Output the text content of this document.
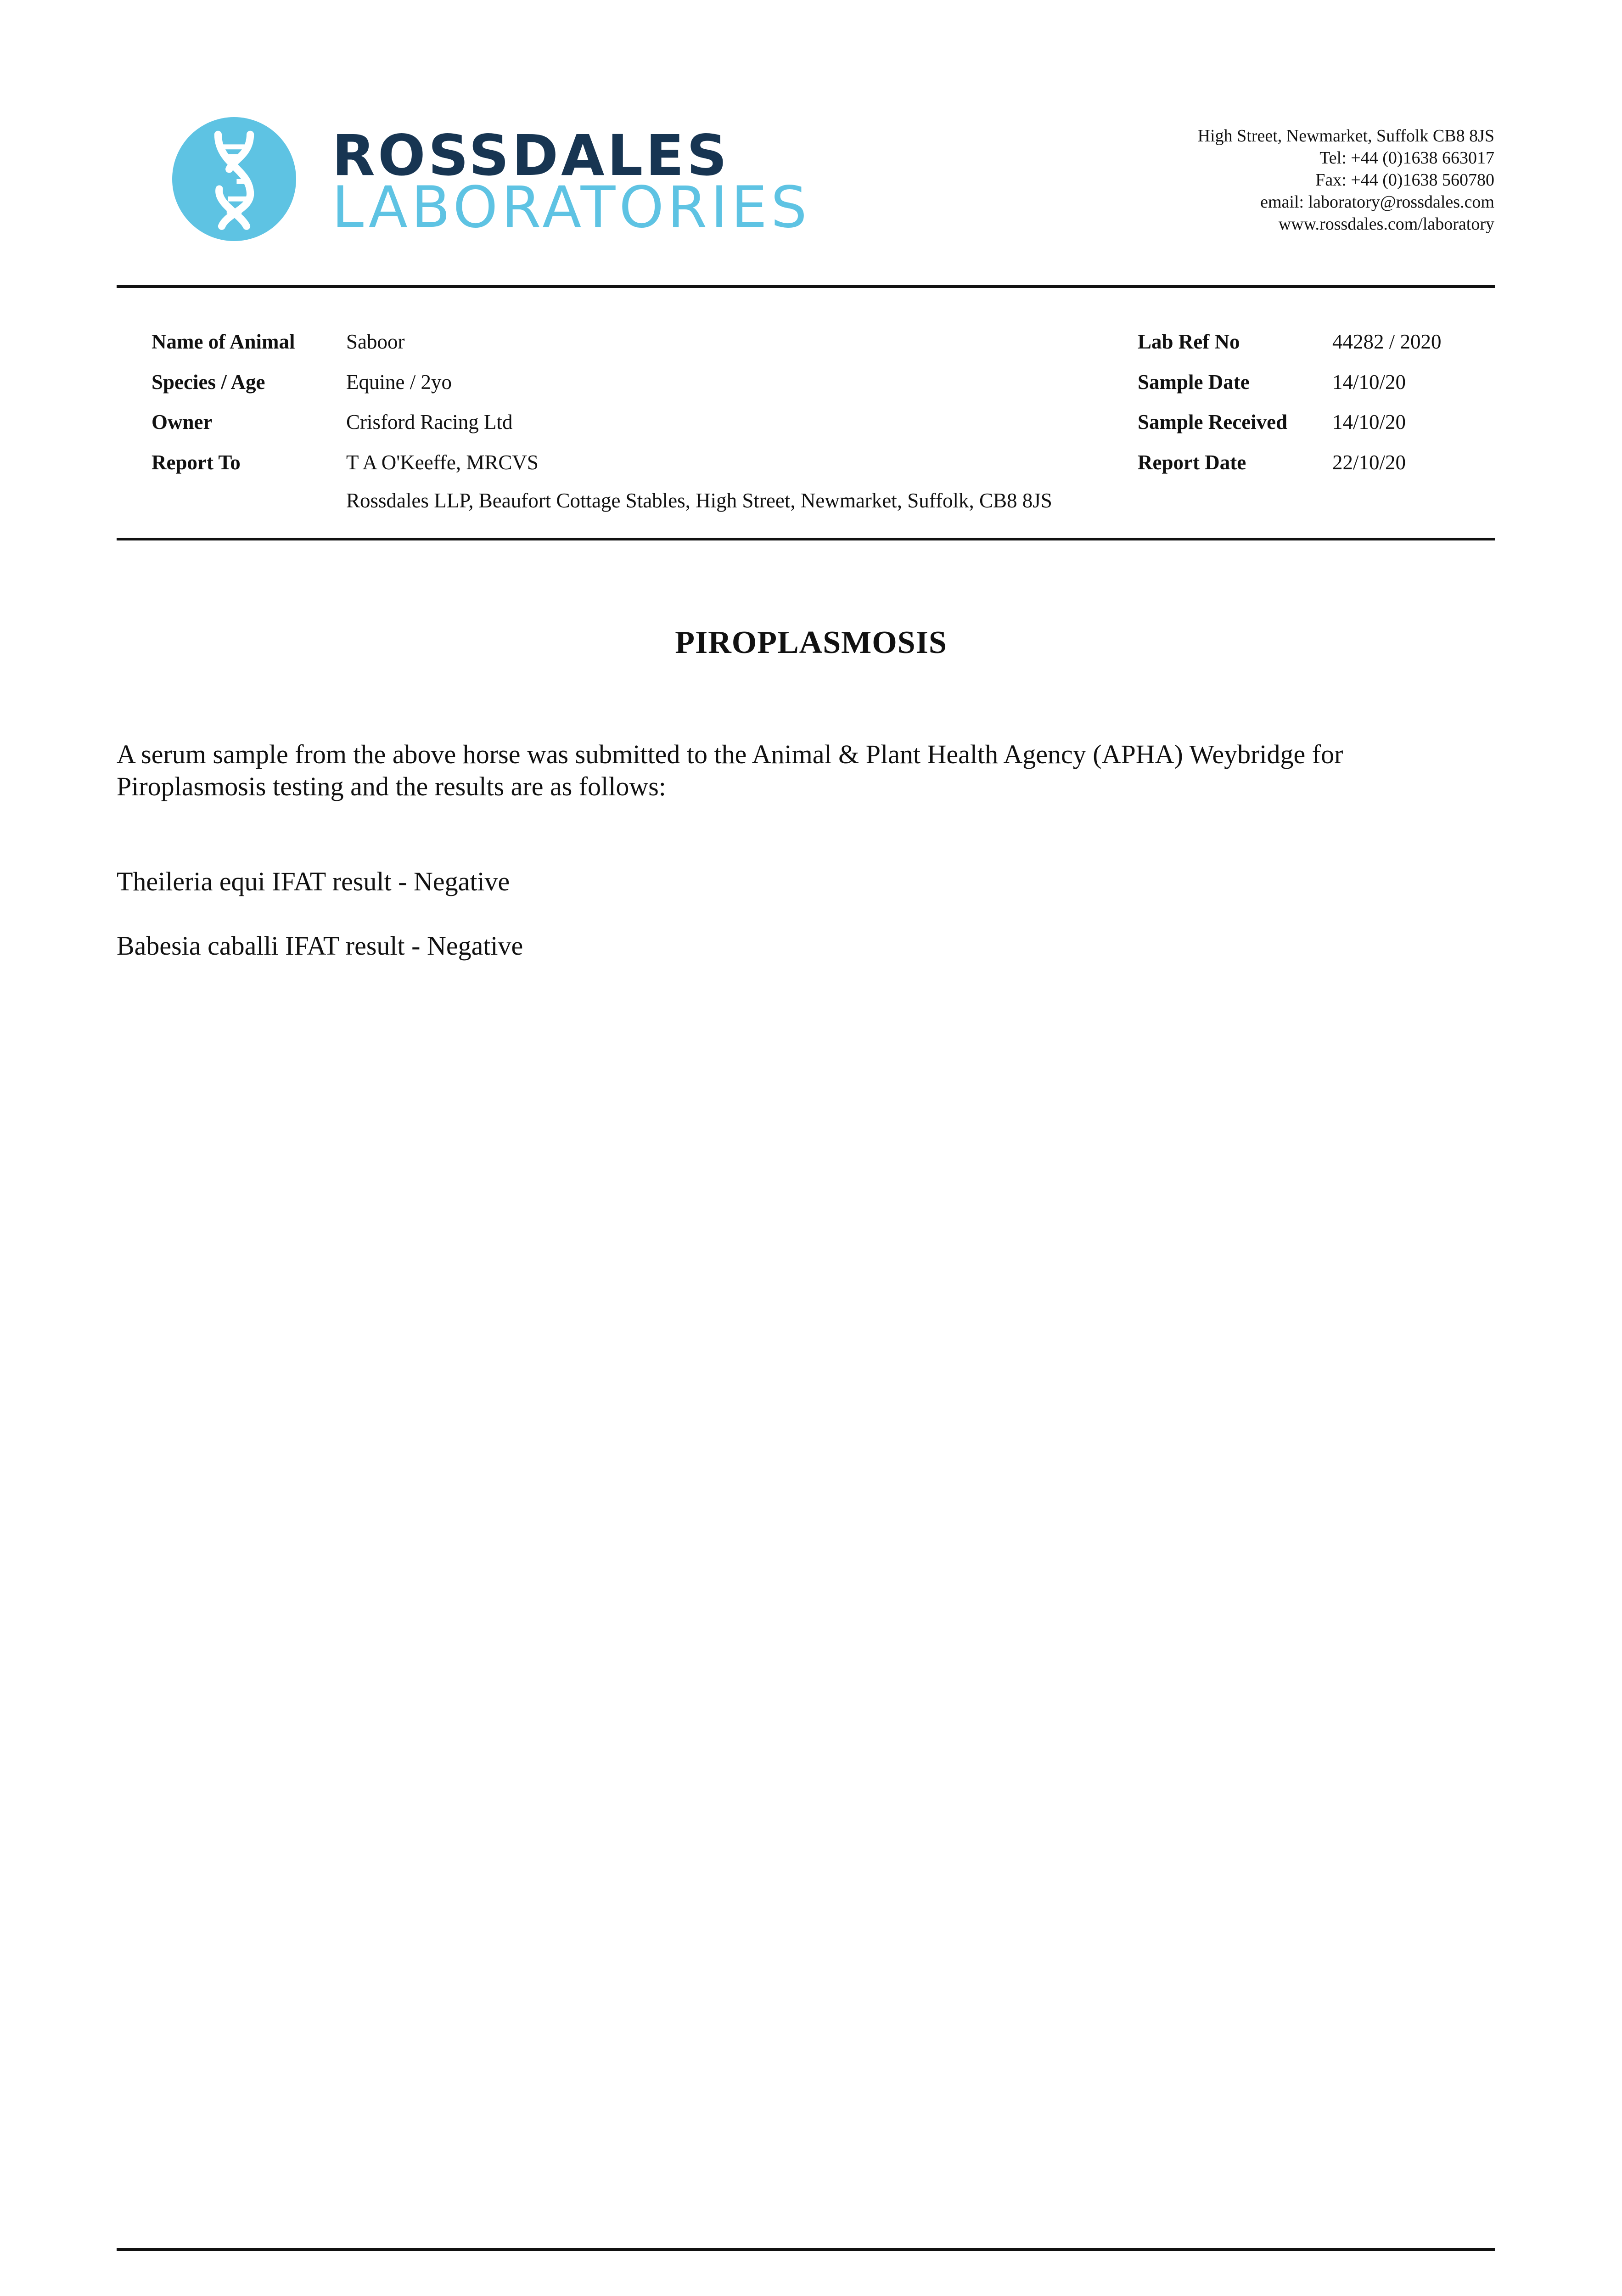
ROSSDALES
LABORATORIES
High Street, Newmarket, Suffolk CB8 8JS
Tel: +44 (0)1638 663017
Fax: +44 (0)1638 560780
email: laboratory@rossdales.com
www.rossdales.com/laboratory
Name of Animal Saboor
Species / Age	Equine / 2yo
Owner	Crisford Racing Ltd
Report To	T A O'Keeffe, MRCVS
Rossdales LLP, Beaufort Cottage Stables, High Street, Newmarket, Suffolk, CB8 8JS
Lab Ref No	44282 / 2020
Sample Date	14/10/20
Sample Received 14/10/20
Report Date	22/10/20
PIROPLASMOSIS
A serum sample from the above horse was submitted to the Animal & Plant Health Agency (APHA) Weybridge for Piroplasmosis testing and the results are as follows:
Theileria equi IFAT result - Negative
Babesia caballi IFAT result - Negative
